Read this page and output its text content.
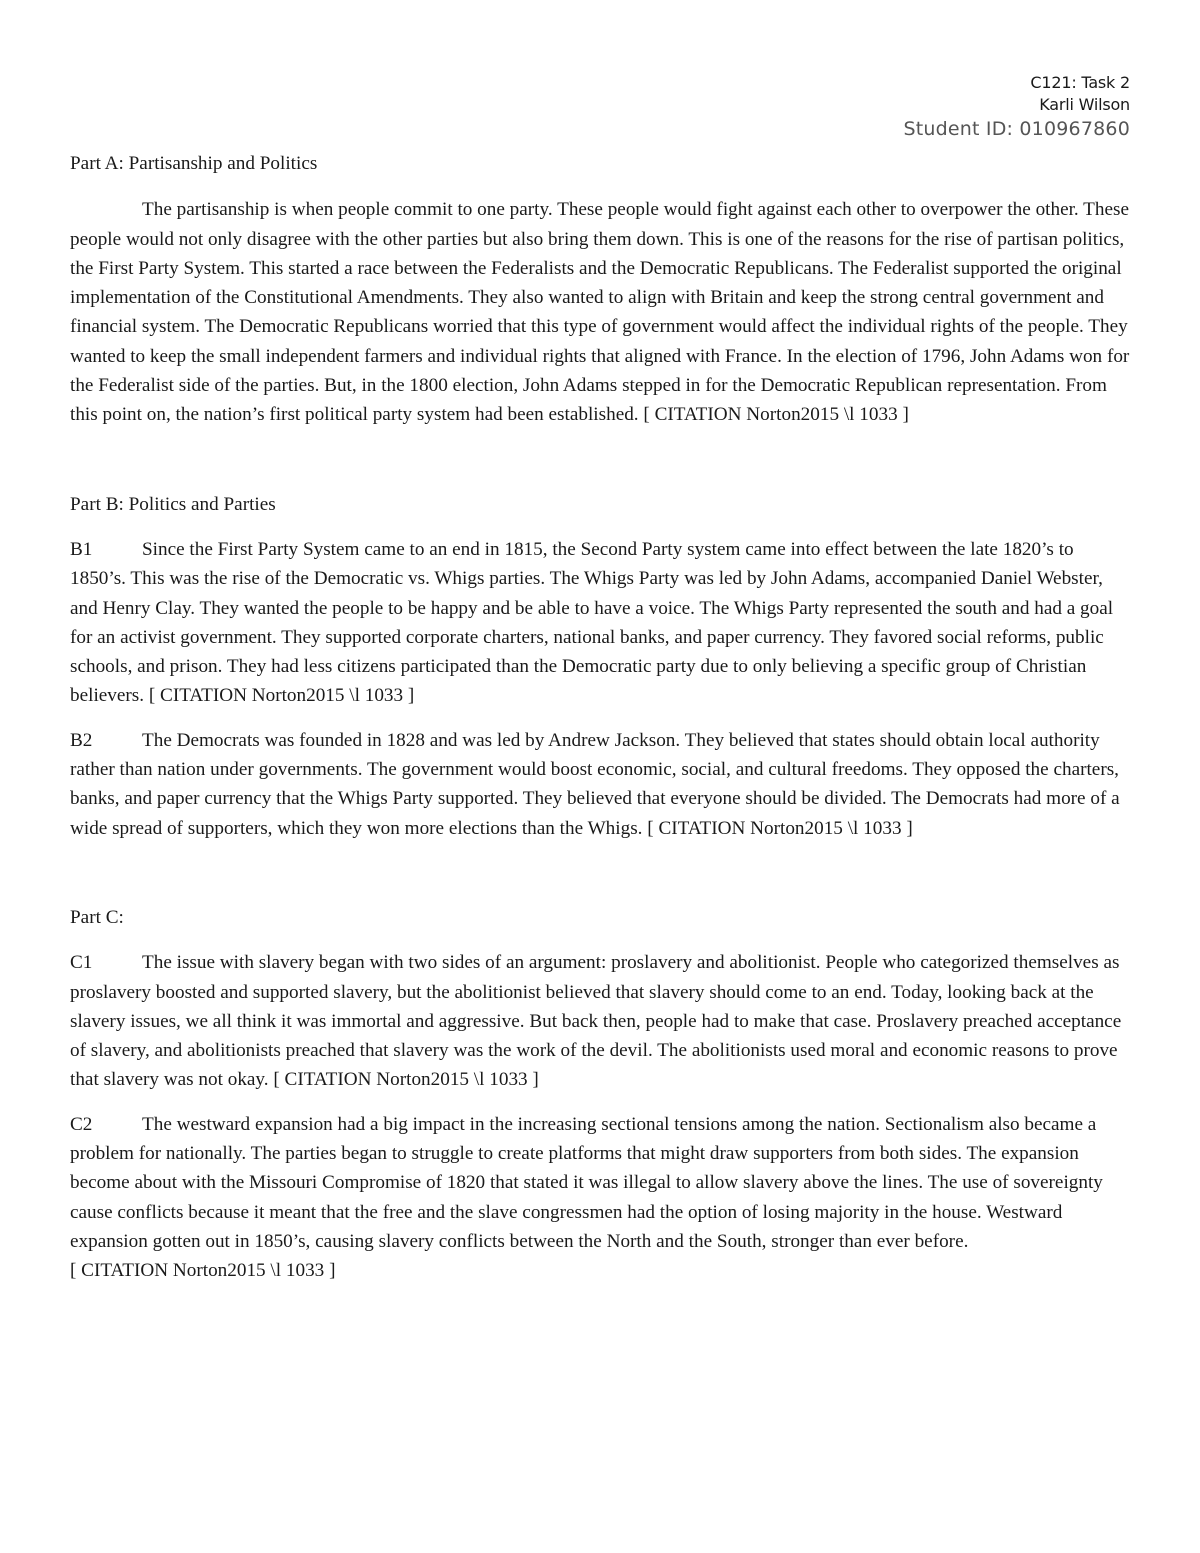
C121: Task 2
Karli Wilson
Student ID: 010967860
Part A: Partisanship and Politics

The partisanship is when people commit to one party. These people would fight against each other to overpower the other. These people would not only disagree with the other parties but also bring them down. This is one of the reasons for the rise of partisan politics, the First Party System. This started a race between the Federalists and the Democratic Republicans. The Federalist supported the original implementation of the Constitutional Amendments. They also wanted to align with Britain and keep the strong central government and financial system. The Democratic Republicans worried that this type of government would affect the individual rights of the people. They wanted to keep the small independent farmers and individual rights that aligned with France. In the election of 1796, John Adams won for the Federalist side of the parties. But, in the 1800 election, John Adams stepped in for the Democratic Republican representation. From this point on, the nation’s first political party system had been established. [ CITATION Norton2015 \l 1033 ]

Part B: Politics and Parties

B1	Since the First Party System came to an end in 1815, the Second Party system came into effect between the late 1820’s to 1850’s. This was the rise of the Democratic vs. Whigs parties. The Whigs Party was led by John Adams, accompanied Daniel Webster, and Henry Clay. They wanted the people to be happy and be able to have a voice. The Whigs Party represented the south and had a goal for an activist government. They supported corporate charters, national banks, and paper currency. They favored social reforms, public schools, and prison. They had less citizens participated than the Democratic party due to only believing a specific group of Christian believers. [ CITATION Norton2015 \l 1033 ]

B2	The Democrats was founded in 1828 and was led by Andrew Jackson. They believed that states should obtain local authority rather than nation under governments. The government would boost economic, social, and cultural freedoms. They opposed the charters, banks, and paper currency that the Whigs Party supported. They believed that everyone should be divided. The Democrats had more of a wide spread of supporters, which they won more elections than the Whigs. [ CITATION Norton2015 \l 1033 ]

Part C:

C1	The issue with slavery began with two sides of an argument: proslavery and abolitionist. People who categorized themselves as proslavery boosted and supported slavery, but the abolitionist believed that slavery should come to an end. Today, looking back at the slavery issues, we all think it was immortal and aggressive. But back then, people had to make that case. Proslavery preached acceptance of slavery, and abolitionists preached that slavery was the work of the devil. The abolitionists used moral and economic reasons to prove that slavery was not okay. [ CITATION Norton2015 \l 1033 ]

C2	The westward expansion had a big impact in the increasing sectional tensions among the nation. Sectionalism also became a problem for nationally. The parties began to struggle to create platforms that might draw supporters from both sides. The expansion become about with the Missouri Compromise of 1820 that stated it was illegal to allow slavery above the lines. The use of sovereignty cause conflicts because it meant that the free and the slave congressmen had the option of losing majority in the house. Westward expansion gotten out in 1850’s, causing slavery conflicts between the North and the South, stronger than ever before.

[ CITATION Norton2015 \l 1033 ]
